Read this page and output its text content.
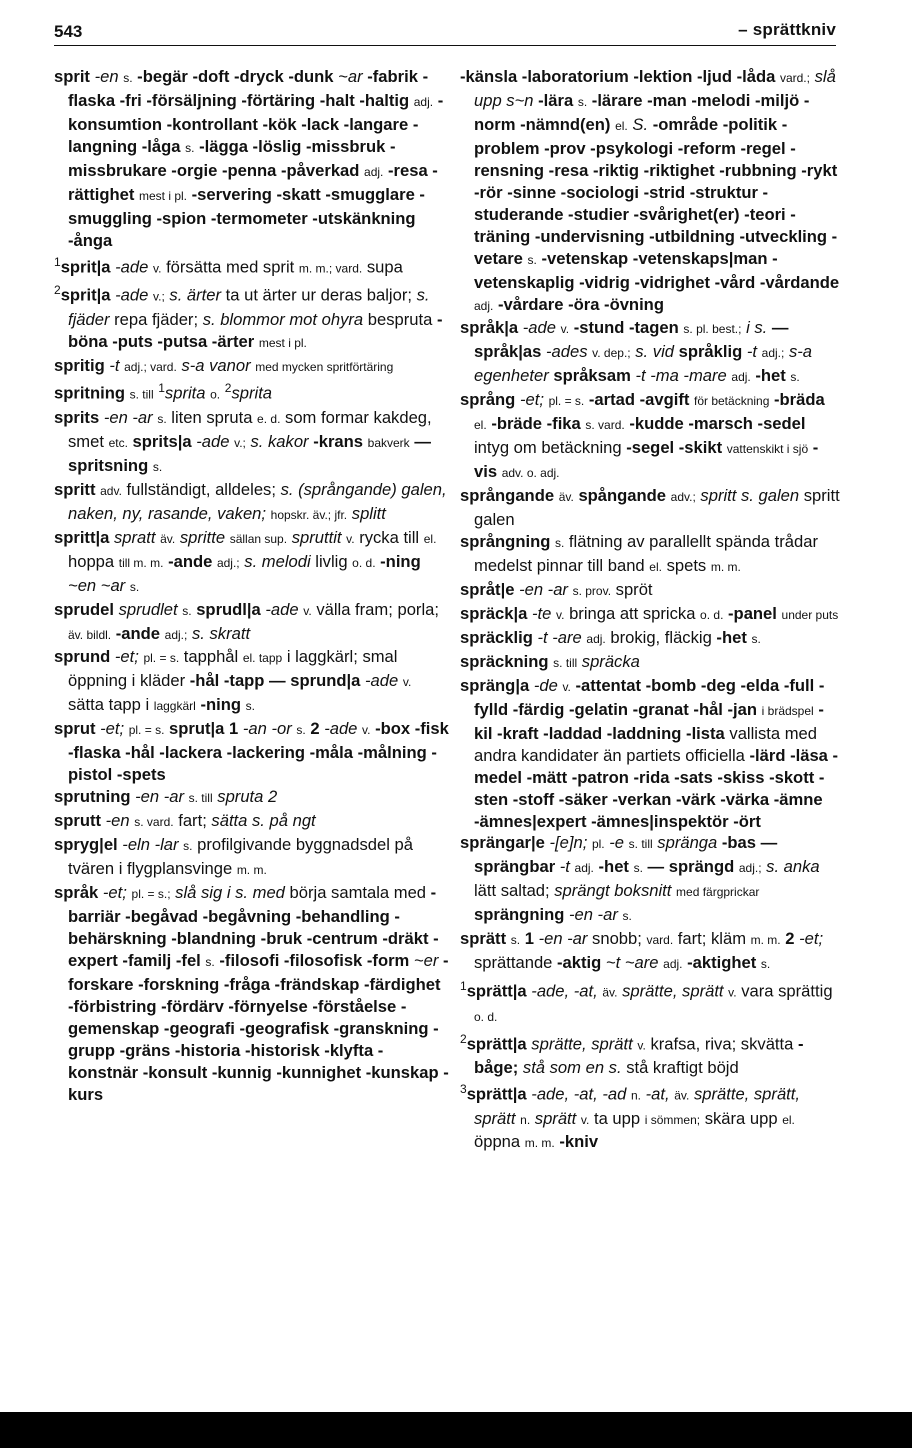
543	– sprättkniv
sprit -en s. -begär -doft -dryck -dunk ~ar -fabrik -flaska -fri -försäljning -förtäring -halt -haltig adj. -konsumtion -kontrollant -kök -lack -langare -langning -låga s. -lägga -löslig -missbruk -missbrukare -orgie -penna -påverkad adj. -resa -rättighet mest i pl. -servering -skatt -smugglare -smuggling -spion -termometer -utskänkning -ånga
$^1$sprit|a -ade v. försätta med sprit m. m.; vard. supa
$^2$sprit|a -ade v.; s. ärter ta ut ärter ur deras baljor; s. fjäder repa fjäder; s. blommor mot ohyra bespruta -böna -puts -putsa -ärter mest i pl.
spritig -t adj.; vard. s-a vanor med mycken spritförtäring
spritning s. till $^1$sprita o. $^2$sprita
sprits -en -ar s. liten spruta e. d. som formar kakdeg, smet etc. sprits|a -ade v.; s. kakor -krans bakverk — spritsning s.
spritt adv. fullständigt, alldeles; s. (språngande) galen, naken, ny, rasande, vaken; hopskr. äv.; jfr. splitt
spritt|a spratt äv. spritte sällan sup. spruttit v. rycka till el. hoppa till m. m. -ande adj.; s. melodi livlig o. d. -ning ~en ~ar s.
sprudel sprudlet s. sprudl|a -ade v. välla fram; porla; äv. bildl. -ande adj.; s. skratt
sprund -et; pl. = s. tapphål el. tapp i laggkärl; smal öppning i kläder -hål -tapp — sprund|a -ade v. sätta tapp i laggkärl -ning s.
sprut -et; pl. = s. sprut|a 1 -an -or s. 2 -ade v. -box -fisk -flaska -hål -lackera -lackering -måla -målning -pistol -spets
sprutning -en -ar s. till spruta 2
sprutt -en s. vard. fart; sätta s. på ngt
spryg|el -eln -lar s. profilgivande byggnadsdel på tvären i flygplansvinge m. m.
språk -et; pl. = s.; slå sig i s. med börja samtala med -barriär -begåvad -begåvning -behandling -behärskning -blandning -bruk -centrum -dräkt -expert -familj -fel s. -filosofi -filosofisk -form ~er -forskare -forskning -fråga -frändskap -färdighet -förbistring -fördärv -förnyelse -förståelse -gemenskap -geografi -geografisk -granskning -grupp -gräns -historia -historisk -klyfta -konstnär -konsult -kunnig -kunnighet -kunskap -kurs
-känsla -laboratorium -lektion -ljud -låda vard.; slå upp s~n -lära s. -lärare -man -melodi -miljö -norm -nämnd(en) el. S. -område -politik -problem -prov -psykologi -reform -regel -rensning -resa -riktig -riktighet -rubbning -rykt -rör -sinne -sociologi -strid -struktur -studerande -studier -svårighet(er) -teori -träning -undervisning -utbildning -utveckling -vetare s. -vetenskap -vetenskaps|man -vetenskaplig -vidrig -vidrighet -vård -vårdande adj. -vårdare -öra -övning
språk|a -ade v. -stund -tagen s. pl. best.; i s. — språk|as -ades v. dep.; s. vid språklig -t adj.; s-a egenheter språksam -t -ma -mare adj. -het s.
språng -et; pl. = s. -artad -avgift för betäckning -bräda el. -bräde -fika s. vard. -kudde -marsch -sedel intyg om betäckning -segel -skikt vattenskikt i sjö -vis adv. o. adj.
språngande äv. spångande adv.; spritt s. galen spritt galen
språngning s. flätning av parallellt spända trådar medelst pinnar till band el. spets m. m.
språt|e -en -ar s. prov. spröt
spräck|a -te v. bringa att spricka o. d. -panel under puts
spräcklig -t -are adj. brokig, fläckig -het s.
spräckning s. till spräcka
spräng|a -de v. -attentat -bomb -deg -elda -full -fylld -färdig -gelatin -granat -hål -jan i brädspel -kil -kraft -laddad -laddning -lista vallista med andra kandidater än partiets officiella -lärd -läsa -medel -mätt -patron -rida -sats -skiss -skott -sten -stoff -säker -verkan -värk -värka -ämne -ämnes|expert -ämnes|inspektör -ört
sprängar|e -[e]n; pl. -e s. till spränga -bas — sprängbar -t adj. -het s. — sprängd adj.; s. anka lätt saltad; sprängt boksnitt med färgprickar sprängning -en -ar s.
sprätt s. 1 -en -ar snobb; vard. fart; kläm m. m. 2 -et; sprättande -aktig ~t ~are adj. -aktighet s.
$^1$sprätt|a -ade, -at, äv. sprätte, sprätt v. vara sprättig o. d.
$^2$sprätt|a sprätte, sprätt v. krafsa, riva; skvätta -båge; stå som en s. stå kraftigt böjd
$^3$sprätt|a -ade, -at, -ad n. -at, äv. sprätte, sprätt, sprätt n. sprätt v. ta upp i sömmen; skära upp el. öppna m. m. -kniv
